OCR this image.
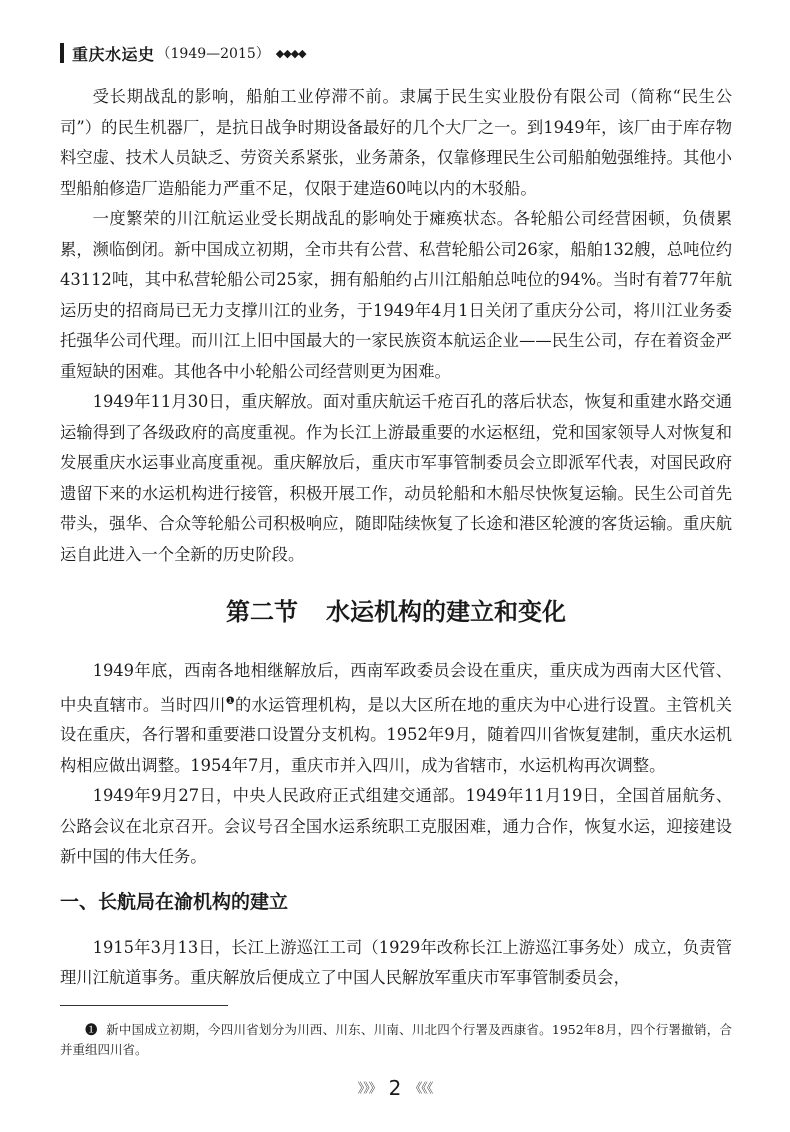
重庆水运史 （1949—2015） ◆◆◆◆

受长期战乱的影响，船舶工业停滞不前。隶属于民生实业股份有限公司（简称“民生公司”）的民生机器厂，是抗日战争时期设备最好的几个大厂之一。到1949年，该厂由于库存物料空虚、技术人员缺乏、劳资关系紧张，业务萧条，仅靠修理民生公司船舶勉强维持。其他小型船舶修造厂造船能力严重不足，仅限于建造60吨以内的木驳船。

一度繁荣的川江航运业受长期战乱的影响处于瘫痪状态。各轮船公司经营困顿，负债累累，濒临倒闭。新中国成立初期，全市共有公营、私营轮船公司26家，船舶132艘，总吨位约43112吨，其中私营轮船公司25家，拥有船舶约占川江船舶总吨位的94%。当时有着77年航运历史的招商局已无力支撑川江的业务，于1949年4月1日关闭了重庆分公司，将川江业务委托强华公司代理。而川江上旧中国最大的一家民族资本航运企业——民生公司，存在着资金严重短缺的困难。其他各中小轮船公司经营则更为困难。

1949年11月30日，重庆解放。面对重庆航运千疮百孔的落后状态，恢复和重建水路交通运输得到了各级政府的高度重视。作为长江上游最重要的水运枢纽，党和国家领导人对恢复和发展重庆水运事业高度重视。重庆解放后，重庆市军事管制委员会立即派军代表，对国民政府遗留下来的水运机构进行接管，积极开展工作，动员轮船和木船尽快恢复运输。民生公司首先带头，强华、合众等轮船公司积极响应，随即陆续恢复了长途和港区轮渡的客货运输。重庆航运自此进入一个全新的历史阶段。

第二节 水运机构的建立和变化

1949年底，西南各地相继解放后，西南军政委员会设在重庆，重庆成为西南大区代管、中央直辖市。当时四川$^❶$的水运管理机构，是以大区所在地的重庆为中心进行设置。主管机关设在重庆，各行署和重要港口设置分支机构。1952年9月，随着四川省恢复建制，重庆水运机构相应做出调整。1954年7月，重庆市并入四川，成为省辖市，水运机构再次调整。

1949年9月27日，中央人民政府正式组建交通部。1949年11月19日，全国首届航务、公路会议在北京召开。会议号召全国水运系统职工克服困难，通力合作，恢复水运，迎接建设新中国的伟大任务。

一、长航局在渝机构的建立

1915年3月13日，长江上游巡江工司（1929年改称长江上游巡江事务处）成立，负责管理川江航道事务。重庆解放后便成立了中国人民解放军重庆市军事管制委员会，

❶ 新中国成立初期，今四川省划分为川西、川东、川南、川北四个行署及西康省。1952年8月，四个行署撤销，合并重组四川省。
》》》 2 《《《
